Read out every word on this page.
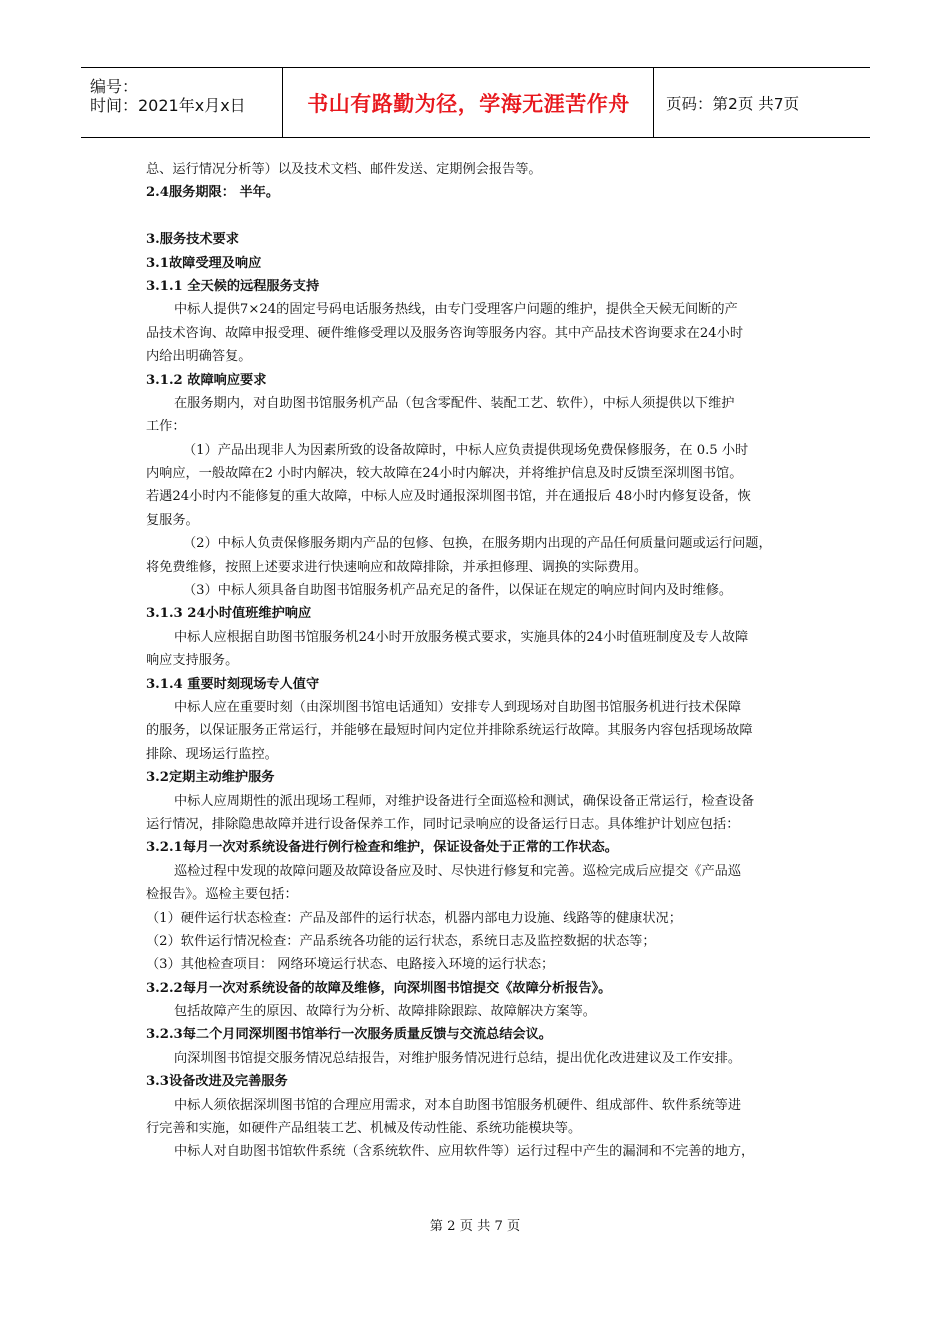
编号：
时间：2021年x月x日	书山有路勤为径，学海无涯苦作舟 页码：第2页 共7页
总、运行情况分析等）以及技术文档、邮件发送、定期例会报告等。
2.4服务期限： 半年。
3.服务技术要求
3.1故障受理及响应
3.1.1 全天候的远程服务支持
中标人提供7×24的固定号码电话服务热线，由专门受理客户问题的维护，提供全天候无间断的产
品技术咨询、故障申报受理、硬件维修受理以及服务咨询等服务内容。其中产品技术咨询要求在24小时
内给出明确答复。
3.1.2 故障响应要求
在服务期内，对自助图书馆服务机产品（包含零配件、装配工艺、软件），中标人须提供以下维护
工作：
（1）产品出现非人为因素所致的设备故障时，中标人应负责提供现场免费保修服务，在 0.5 小时
内响应，一般故障在2 小时内解决，较大故障在24小时内解决，并将维护信息及时反馈至深圳图书馆。
若遇24小时内不能修复的重大故障，中标人应及时通报深圳图书馆，并在通报后 48小时内修复设备，恢
复服务。
（2）中标人负责保修服务期内产品的包修、包换，在服务期内出现的产品任何质量问题或运行问题，
将免费维修，按照上述要求进行快速响应和故障排除，并承担修理、调换的实际费用。
（3）中标人须具备自助图书馆服务机产品充足的备件，以保证在规定的响应时间内及时维修。
3.1.3 24小时值班维护响应
中标人应根据自助图书馆服务机24小时开放服务模式要求，实施具体的24小时值班制度及专人故障
响应支持服务。
3.1.4 重要时刻现场专人值守
中标人应在重要时刻（由深圳图书馆电话通知）安排专人到现场对自助图书馆服务机进行技术保障
的服务，以保证服务正常运行，并能够在最短时间内定位并排除系统运行故障。其服务内容包括现场故障
排除、现场运行监控。
3.2定期主动维护服务
中标人应周期性的派出现场工程师，对维护设备进行全面巡检和测试，确保设备正常运行，检查设备
运行情况，排除隐患故障并进行设备保养工作，同时记录响应的设备运行日志。具体维护计划应包括：
3.2.1每月一次对系统设备进行例行检查和维护，保证设备处于正常的工作状态。
巡检过程中发现的故障问题及故障设备应及时、尽快进行修复和完善。巡检完成后应提交《产品巡
检报告》。巡检主要包括：
（1）硬件运行状态检查：产品及部件的运行状态，机器内部电力设施、线路等的健康状况；
（2）软件运行情况检查：产品系统各功能的运行状态，系统日志及监控数据的状态等；
（3）其他检查项目： 网络环境运行状态、电路接入环境的运行状态；
3.2.2每月一次对系统设备的故障及维修，向深圳图书馆提交《故障分析报告》。
包括故障产生的原因、故障行为分析、故障排除跟踪、故障解决方案等。
3.2.3每二个月同深圳图书馆举行一次服务质量反馈与交流总结会议。
向深圳图书馆提交服务情况总结报告，对维护服务情况进行总结，提出优化改进建议及工作安排。
3.3设备改进及完善服务
中标人须依据深圳图书馆的合理应用需求，对本自助图书馆服务机硬件、组成部件、软件系统等进
行完善和实施，如硬件产品组装工艺、机械及传动性能、系统功能模块等。
中标人对自助图书馆软件系统（含系统软件、应用软件等）运行过程中产生的漏洞和不完善的地方，
第 2 页 共 7 页
